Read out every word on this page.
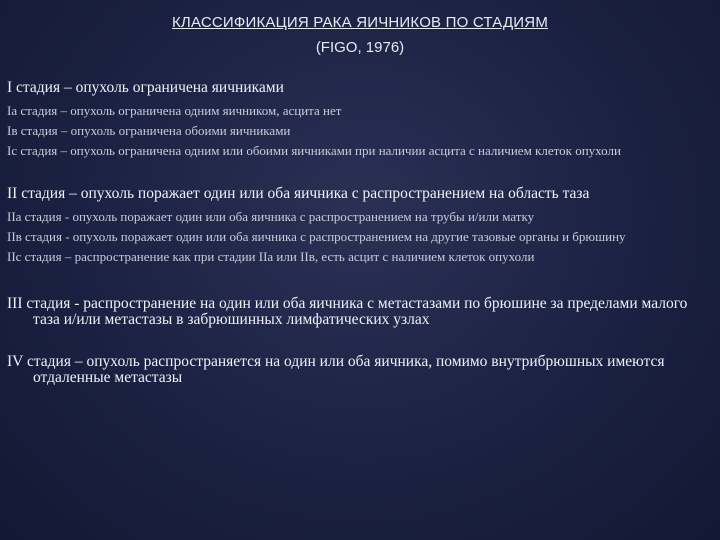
КЛАССИФИКАЦИЯ РАКА ЯИЧНИКОВ ПО СТАДИЯМ
(FIGO, 1976)
I стадия – опухоль ограничена яичниками
Iа стадия – опухоль ограничена одним яичником, асцита нет
Iв стадия – опухоль ограничена обоими яичниками
Iс стадия – опухоль ограничена одним или обоими яичниками при наличии асцита с наличием клеток опухоли
II стадия – опухоль поражает один или оба яичника с распространением на область таза
IIа стадия - опухоль поражает один или оба яичника с распространением на трубы и/или матку
IIв стадия - опухоль поражает один или оба яичника с распространением на другие тазовые органы и брюшину
IIс стадия – распространение как при стадии IIа или IIв, есть асцит с наличием клеток опухоли
III стадия - распространение на один или оба яичника с метастазами по брюшине за пределами малого таза и/или метастазы в забрюшинных лимфатических узлах
IV стадия – опухоль распространяется на один или оба яичника, помимо внутрибрюшных имеются отдаленные метастазы
